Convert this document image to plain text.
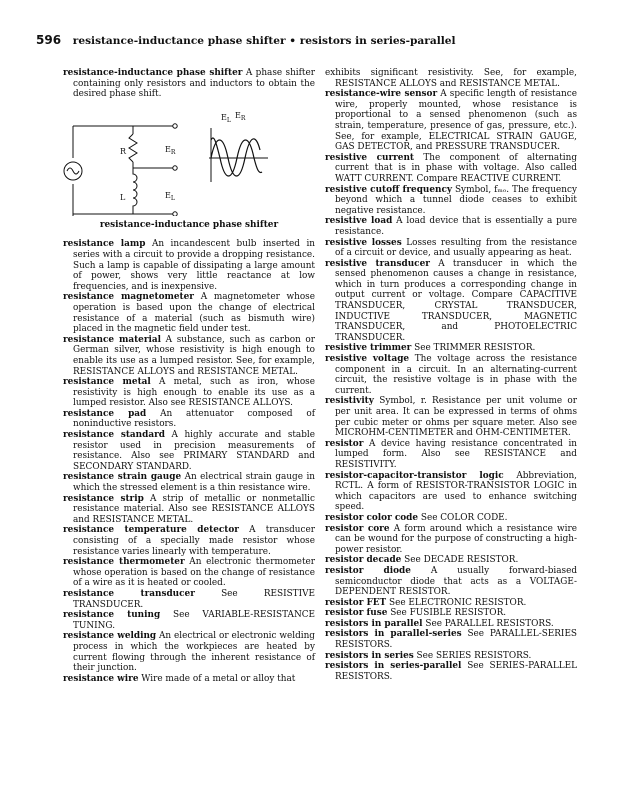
596 resistance-inductance phase shifter • resistors in series-parallel

resistance-inductance phase shifter A phase shifter containing only resistors and inductors to obtain the desired phase shift.

R
L
$E_R$
$E_L$
$E_L$
$E_R$
resistance-inductance phase shifter

resistance lamp An incandescent bulb inserted in series with a circuit to provide a dropping resistance. Such a lamp is capable of dissipating a large amount of power, shows very little reactance at low frequencies, and is inexpensive.

resistance magnetometer A magnetometer whose operation is based upon the change of electrical resistance of a material (such as bismuth wire) placed in the magnetic field under test.

resistance material A substance, such as carbon or German silver, whose resistivity is high enough to enable its use as a lumped resistor. See, for example, RESISTANCE ALLOYS and RESISTANCE METAL.

resistance metal A metal, such as iron, whose resistivity is high enough to enable its use as a lumped resistor. Also see RESISTANCE ALLOYS.

resistance pad An attenuator composed of noninductive resistors.

resistance standard A highly accurate and stable resistor used in precision measurements of resistance. Also see PRIMARY STANDARD and SECONDARY STANDARD.

resistance strain gauge An electrical strain gauge in which the stressed element is a thin resistance wire.

resistance strip A strip of metallic or nonmetallic resistance material. Also see RESISTANCE ALLOYS and RESISTANCE METAL.

resistance temperature detector A transducer consisting of a specially made resistor whose resistance varies linearly with temperature.

resistance thermometer An electronic thermometer whose operation is based on the change of resistance of a wire as it is heated or cooled.

resistance transducer	See RESISTIVE TRANSDUCER.

resistance tuning See VARIABLE-RESISTANCE TUNING.

resistance welding An electrical or electronic welding process in which the workpieces are heated by current flowing through the inherent resistance of their junction.

resistance wire Wire made of a metal or alloy that

exhibits significant resistivity. See, for example, RESISTANCE ALLOYS and RESISTANCE METAL.

resistance-wire sensor A specific length of resistance wire, properly mounted, whose resistance is proportional to a sensed phenomenon (such as strain, temperature, presence of gas, pressure, etc.). See, for example, ELECTRICAL STRAIN GAUGE, GAS DETECTOR, and PRESSURE TRANSDUCER.

resistive current The component of alternating current that is in phase with voltage. Also called WATT CURRENT. Compare REACTIVE CURRENT.

resistive cutoff frequency Symbol, fₘₒ. The frequency beyond which a tunnel diode ceases to exhibit negative resistance.

resistive load A load device that is essentially a pure resistance.

resistive losses Losses resulting from the resistance of a circuit or device, and usually appearing as heat.

resistive transducer A transducer in which the sensed phenomenon causes a change in resistance, which in turn produces a corresponding change in output current or voltage. Compare CAPACITIVE TRANSDUCER, CRYSTAL TRANSDUCER, INDUCTIVE TRANSDUCER, MAGNETIC TRANSDUCER, and PHOTOELECTRIC TRANSDUCER.

resistive trimmer See TRIMMER RESISTOR.

resistive voltage The voltage across the resistance component in a circuit. In an alternating-current circuit, the resistive voltage is in phase with the current.

resistivity Symbol, r. Resistance per unit volume or per unit area. It can be expressed in terms of ohms per cubic meter or ohms per square meter. Also see MICROHM-CENTIMETER and OHM-CENTIMETER.

resistor A device having resistance concentrated in lumped form. Also see RESISTANCE and RESISTIVITY.

resistor-capacitor-transistor logic Abbreviation, RCTL. A form of RESISTOR-TRANSISTOR LOGIC in which capacitors are used to enhance switching speed.

resistor color code See COLOR CODE.

resistor core A form around which a resistance wire can be wound for the purpose of constructing a high-power resistor.

resistor decade See DECADE RESISTOR.

resistor diode A usually forward-biased semiconductor diode that acts as a VOLTAGE-DEPENDENT RESISTOR.

resistor FET See ELECTRONIC RESISTOR.

resistor fuse See FUSIBLE RESISTOR.

resistors in parallel See PARALLEL RESISTORS.

resistors in parallel-series See PARALLEL-SERIES RESISTORS.

resistors in series See SERIES RESISTORS.

resistors in series-parallel See SERIES-PARALLEL RESISTORS.
